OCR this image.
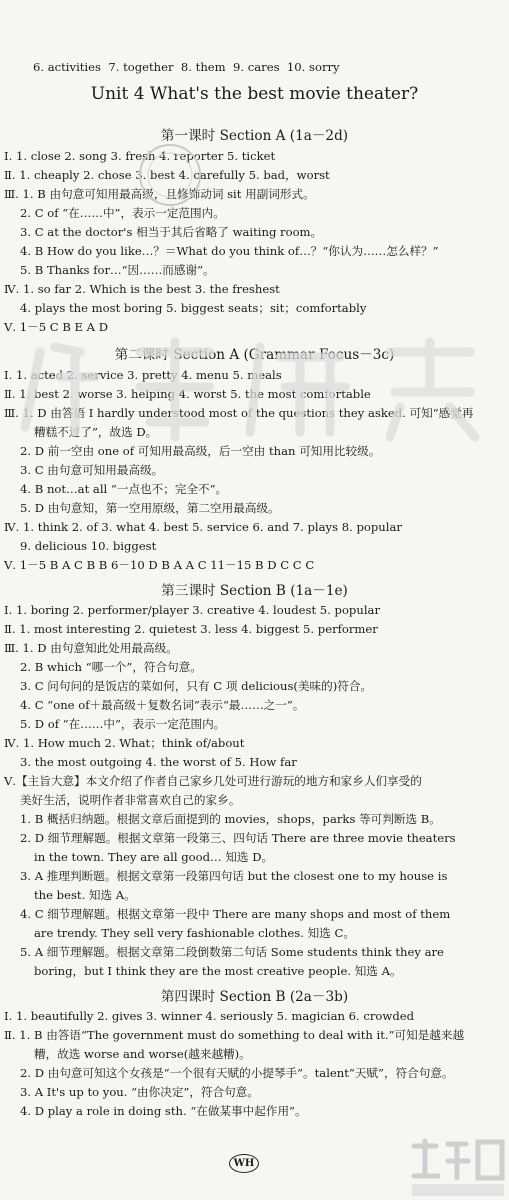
6. activities 7. together 8. them 9. cares 10. sorry
Unit 4 What's the best movie theater?
第一课时 Section A (1a－2d)
Ⅰ. 1. close 2. song 3. fresh 4. reporter 5. ticket
Ⅱ. 1. cheaply 2. chose 3. best 4. carefully 5. bad，worst
Ⅲ. 1. B 由句意可知用最高级，且修饰动词 sit 用副词形式。
2. C of “在……中”，表示一定范围内。
3. C at the doctor's 相当于其后省略了 waiting room。
4. B How do you like…？＝What do you think of…？“你认为……怎么样？”
5. B Thanks for…“因……而感谢”。
Ⅳ. 1. so far 2. Which is the best 3. the freshest
4. plays the most boring 5. biggest seats；sit；comfortably
Ⅴ. 1－5 C B E A D
第二课时 Section A (Grammar Focus－3c)
Ⅰ. 1. acted 2. service 3. pretty 4. menu 5. meals
Ⅱ. 1. best 2. worse 3. helping 4. worst 5. the most comfortable
Ⅲ. 1. D 由答语 I hardly understood most of the questions they asked. 可知“感觉再
糟糕不过了”，故选 D。
2. D 前一空由 one of 可知用最高级，后一空由 than 可知用比较级。
3. C 由句意可知用最高级。
4. B not…at all “一点也不；完全不”。
5. D 由句意知，第一空用原级，第二空用最高级。
Ⅳ. 1. think 2. of 3. what 4. best 5. service 6. and 7. plays 8. popular
9. delicious 10. biggest
Ⅴ. 1－5 B A C B B 6－10 D B A A C 11－15 B D C C C
第三课时 Section B (1a－1e)
Ⅰ. 1. boring 2. performer/player 3. creative 4. loudest 5. popular
Ⅱ. 1. most interesting 2. quietest 3. less 4. biggest 5. performer
Ⅲ. 1. D 由句意知此处用最高级。
2. B which “哪一个”，符合句意。
3. C 问句问的是饭店的菜如何，只有 C 项 delicious(美味的)符合。
4. C “one of＋最高级＋复数名词”表示“最……之一”。
5. D of “在……中”，表示一定范围内。
Ⅳ. 1. How much 2. What；think of/about
3. the most outgoing 4. the worst of 5. How far
Ⅴ.【主旨大意】本文介绍了作者自己家乡几处可进行游玩的地方和家乡人们享受的
美好生活，说明作者非常喜欢自己的家乡。
1. B 概括归纳题。根据文章后面提到的 movies，shops，parks 等可判断选 B。
2. D 细节理解题。根据文章第一段第三、四句话 There are three movie theaters
in the town. They are all good… 知选 D。
3. A 推理判断题。根据文章第一段第四句话 but the closest one to my house is
the best. 知选 A。
4. C 细节理解题。根据文章第一段中 There are many shops and most of them
are trendy. They sell very fashionable clothes. 知选 C。
5. A 细节理解题。根据文章第二段倒数第二句话 Some students think they are
boring，but I think they are the most creative people. 知选 A。
第四课时 Section B (2a－3b)
Ⅰ. 1. beautifully 2. gives 3. winner 4. seriously 5. magician 6. crowded
Ⅱ. 1. B 由答语“The government must do something to deal with it.”可知是越来越
糟，故选 worse and worse(越来越糟)。
2. D 由句意可知这个女孩是“一个很有天赋的小提琴手”。talent“天赋”，符合句意。
3. A It's up to you. “由你决定”，符合句意。
4. D play a role in doing sth. “在做某事中起作用”。
WH
